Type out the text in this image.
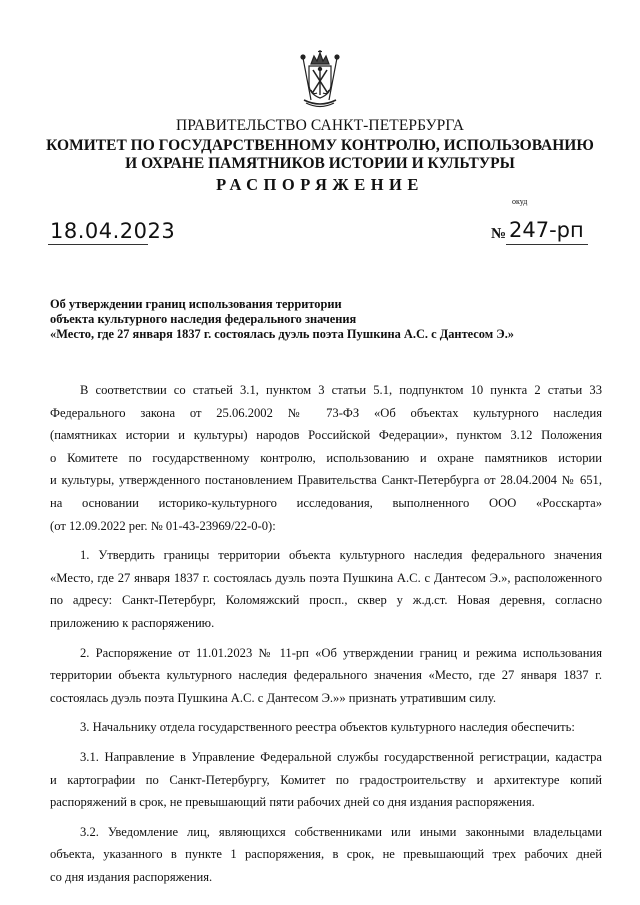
ПРАВИТЕЛЬСТВО САНКТ-ПЕТЕРБУРГА
КОМИТЕТ ПО ГОСУДАРСТВЕННОМУ КОНТРОЛЮ, ИСПОЛЬЗОВАНИЮ
И ОХРАНЕ ПАМЯТНИКОВ ИСТОРИИ И КУЛЬТУРЫ
РАСПОРЯЖЕНИЕ
окуд
18.04.2023	№ 247-рп
Об утверждении границ использования территории
объекта культурного наследия федерального значения
«Место, где 27 января 1837 г. состоялась дуэль поэта Пушкина А.С. с Дантесом Э.»
В соответствии со статьей 3.1, пунктом 3 статьи 5.1, подпунктом 10 пункта 2 статьи 33
Федерального закона от 25.06.2002 № 73-ФЗ «Об объектах культурного наследия
(памятниках истории и культуры) народов Российской Федерации», пунктом 3.12 Положения
о Комитете по государственному контролю, использованию и охране памятников истории
и культуры, утвержденного постановлением Правительства Санкт-Петербурга от 28.04.2004 № 651,
на основании историко-культурного исследования, выполненного ООО «Росскарта»
(от 12.09.2022 рег. № 01-43-23969/22-0-0):
1. Утвердить границы территории объекта культурного наследия федерального значения
«Место, где 27 января 1837 г. состоялась дуэль поэта Пушкина А.С. с Дантесом Э.», расположенного
по адресу: Санкт-Петербург, Коломяжский просп., сквер у ж.д.ст. Новая деревня, согласно
приложению к распоряжению.
2. Распоряжение от 11.01.2023 № 11-рп «Об утверждении границ и режима использования
территории объекта культурного наследия федерального значения «Место, где 27 января 1837 г.
состоялась дуэль поэта Пушкина А.С. с Дантесом Э.»» признать утратившим силу.
3. Начальнику отдела государственного реестра объектов культурного наследия обеспечить:
3.1. Направление в Управление Федеральной службы государственной регистрации, кадастра
и картографии по Санкт-Петербургу, Комитет по градостроительству и архитектуре копий
распоряжений в срок, не превышающий пяти рабочих дней со дня издания распоряжения.
3.2. Уведомление лиц, являющихся собственниками или иными законными владельцами
объекта, указанного в пункте 1 распоряжения, в срок, не превышающий трех рабочих дней
со дня издания распоряжения.
